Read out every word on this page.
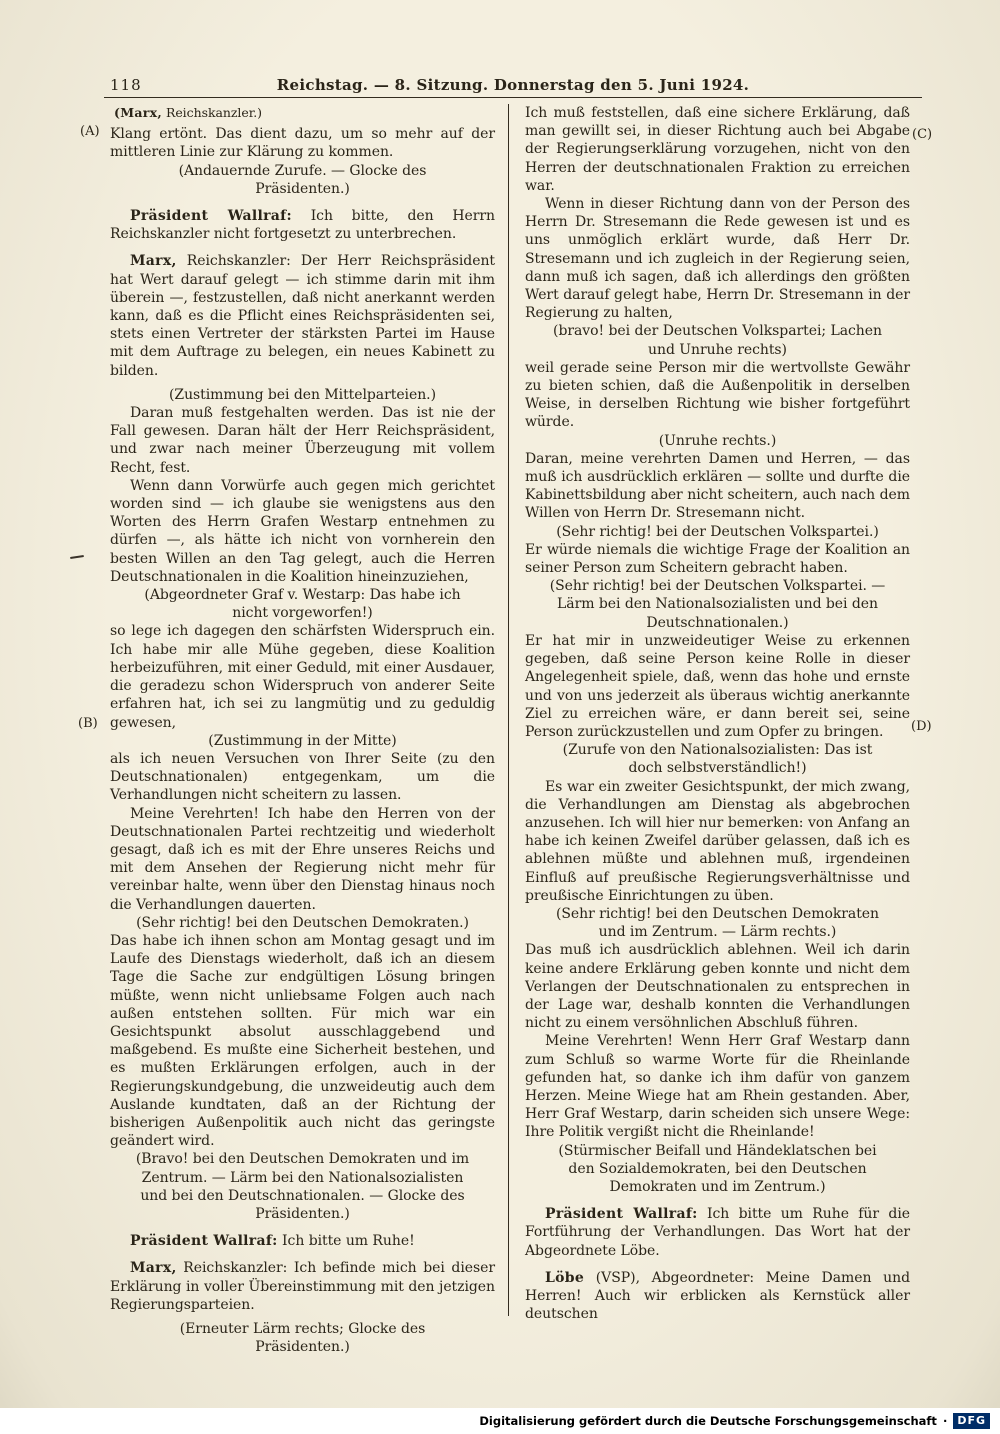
118	Reichstag. — 8. Sitzung. Donnerstag den 5. Juni 1924.
(A)
(B)
(C)
(D)

(Marx, Reichskanzler.)

Klang ertönt. Das dient dazu, um so mehr auf der mittleren Linie zur Klärung zu kommen.

(Andauernde Zurufe. — Glocke des Präsidenten.)

Präsident Wallraf: Ich bitte, den Herrn Reichskanzler nicht fortgesetzt zu unterbrechen.

Marx, Reichskanzler: Der Herr Reichspräsident hat Wert darauf gelegt — ich stimme darin mit ihm überein —, festzustellen, daß nicht anerkannt werden kann, daß es die Pflicht eines Reichspräsidenten sei, stets einen Vertreter der stärksten Partei im Hause mit dem Auftrage zu belegen, ein neues Kabinett zu bilden.

(Zustimmung bei den Mittelparteien.)

Daran muß festgehalten werden. Das ist nie der Fall gewesen. Daran hält der Herr Reichspräsident, und zwar nach meiner Überzeugung mit vollem Recht, fest.

Wenn dann Vorwürfe auch gegen mich gerichtet worden sind — ich glaube sie wenigstens aus den Worten des Herrn Grafen Westarp entnehmen zu dürfen —, als hätte ich nicht von vornherein den besten Willen an den Tag gelegt, auch die Herren Deutschnationalen in die Koalition hineinzuziehen,

(Abgeordneter Graf v. Westarp: Das habe ich nicht vorgeworfen!)

so lege ich dagegen den schärfsten Widerspruch ein. Ich habe mir alle Mühe gegeben, diese Koalition herbeizuführen, mit einer Geduld, mit einer Ausdauer, die geradezu schon Widerspruch von anderer Seite erfahren hat, ich sei zu langmütig und zu geduldig gewesen,

(Zustimmung in der Mitte)

als ich neuen Versuchen von Ihrer Seite (zu den Deutschnationalen) entgegenkam, um die Verhandlungen nicht scheitern zu lassen.

Meine Verehrten! Ich habe den Herren von der Deutschnationalen Partei rechtzeitig und wiederholt gesagt, daß ich es mit der Ehre unseres Reichs und mit dem Ansehen der Regierung nicht mehr für vereinbar halte, wenn über den Dienstag hinaus noch die Verhandlungen dauerten.

(Sehr richtig! bei den Deutschen Demokraten.)

Das habe ich ihnen schon am Montag gesagt und im Laufe des Dienstags wiederholt, daß ich an diesem Tage die Sache zur endgültigen Lösung bringen müßte, wenn nicht unliebsame Folgen auch nach außen entstehen sollten. Für mich war ein Gesichtspunkt absolut ausschlaggebend und maßgebend. Es mußte eine Sicherheit bestehen, und es mußten Erklärungen erfolgen, auch in der Regierungskundgebung, die unzweideutig auch dem Auslande kundtaten, daß an der Richtung der bisherigen Außenpolitik auch nicht das geringste geändert wird.

(Bravo! bei den Deutschen Demokraten und im Zentrum. — Lärm bei den Nationalsozialisten und bei den Deutschnationalen. — Glocke des Präsidenten.)

Präsident Wallraf: Ich bitte um Ruhe!

Marx, Reichskanzler: Ich befinde mich bei dieser Erklärung in voller Übereinstimmung mit den jetzigen Regierungsparteien.

(Erneuter Lärm rechts; Glocke des Präsidenten.)

Ich muß feststellen, daß eine sichere Erklärung, daß man gewillt sei, in dieser Richtung auch bei Abgabe der Regierungserklärung vorzugehen, nicht von den Herren der deutschnationalen Fraktion zu erreichen war.

Wenn in dieser Richtung dann von der Person des Herrn Dr. Stresemann die Rede gewesen ist und es uns unmöglich erklärt wurde, daß Herr Dr. Stresemann und ich zugleich in der Regierung seien, dann muß ich sagen, daß ich allerdings den größten Wert darauf gelegt habe, Herrn Dr. Stresemann in der Regierung zu halten,

(bravo! bei der Deutschen Volkspartei; Lachen und Unruhe rechts)

weil gerade seine Person mir die wertvollste Gewähr zu bieten schien, daß die Außenpolitik in derselben Weise, in derselben Richtung wie bisher fortgeführt würde.

(Unruhe rechts.)

Daran, meine verehrten Damen und Herren, — das muß ich ausdrücklich erklären — sollte und durfte die Kabinettsbildung aber nicht scheitern, auch nach dem Willen von Herrn Dr. Stresemann nicht.

(Sehr richtig! bei der Deutschen Volkspartei.)

Er würde niemals die wichtige Frage der Koalition an seiner Person zum Scheitern gebracht haben.

(Sehr richtig! bei der Deutschen Volkspartei. — Lärm bei den Nationalsozialisten und bei den Deutschnationalen.)

Er hat mir in unzweideutiger Weise zu erkennen gegeben, daß seine Person keine Rolle in dieser Angelegenheit spiele, daß, wenn das hohe und ernste und von uns jederzeit als überaus wichtig anerkannte Ziel zu erreichen wäre, er dann bereit sei, seine Person zurückzustellen und zum Opfer zu bringen.

(Zurufe von den Nationalsozialisten: Das ist doch selbstverständlich!)

Es war ein zweiter Gesichtspunkt, der mich zwang, die Verhandlungen am Dienstag als abgebrochen anzusehen. Ich will hier nur bemerken: von Anfang an habe ich keinen Zweifel darüber gelassen, daß ich es ablehnen müßte und ablehnen muß, irgendeinen Einfluß auf preußische Regierungsverhältnisse und preußische Einrichtungen zu üben.

(Sehr richtig! bei den Deutschen Demokraten und im Zentrum. — Lärm rechts.)

Das muß ich ausdrücklich ablehnen. Weil ich darin keine andere Erklärung geben konnte und nicht dem Verlangen der Deutschnationalen zu entsprechen in der Lage war, deshalb konnten die Verhandlungen nicht zu einem versöhnlichen Abschluß führen.

Meine Verehrten! Wenn Herr Graf Westarp dann zum Schluß so warme Worte für die Rheinlande gefunden hat, so danke ich ihm dafür von ganzem Herzen. Meine Wiege hat am Rhein gestanden. Aber, Herr Graf Westarp, darin scheiden sich unsere Wege: Ihre Politik vergißt nicht die Rheinlande!

(Stürmischer Beifall und Händeklatschen bei den Sozialdemokraten, bei den Deutschen Demokraten und im Zentrum.)

Präsident Wallraf: Ich bitte um Ruhe für die Fortführung der Verhandlungen. Das Wort hat der Abgeordnete Löbe.

Löbe (VSP), Abgeordneter: Meine Damen und Herren! Auch wir erblicken als Kernstück aller deutschen

Digitalisierung gefördert durch die Deutsche Forschungsgemeinschaft · DFG
